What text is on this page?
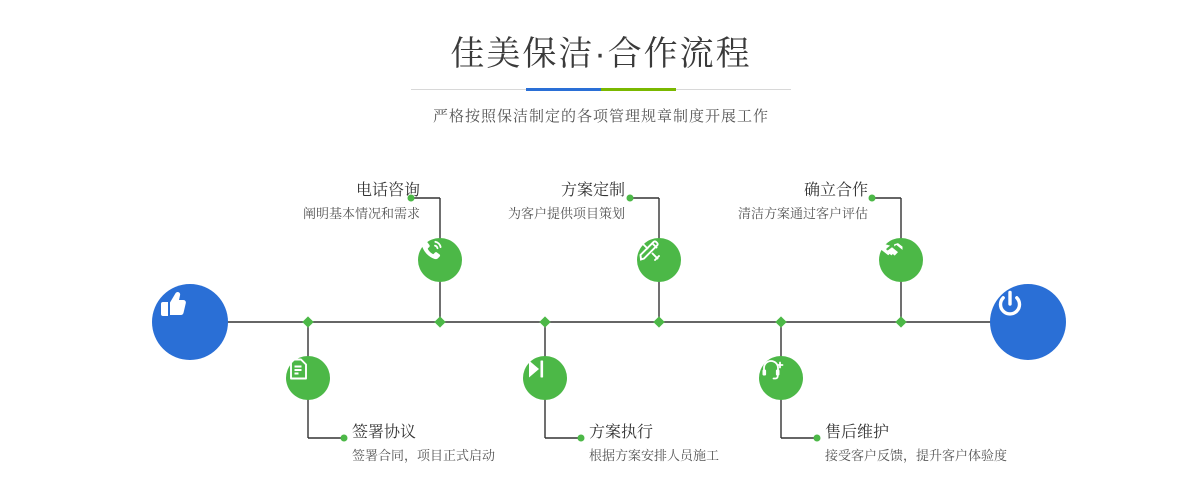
佳美保洁·合作流程

严格按照保洁制定的各项管理规章制度开展工作

电话咨询
阐明基本情况和需求
方案定制
为客户提供项目策划
确立合作
清洁方案通过客户评估
签署协议
签署合同，项目正式启动
方案执行
根据方案安排人员施工
售后维护
接受客户反馈，提升客户体验度
